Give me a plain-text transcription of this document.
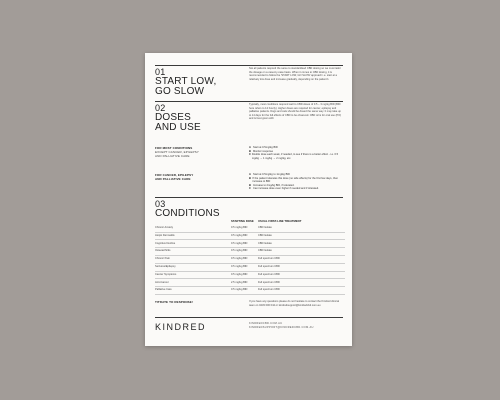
01
START LOW,
GO SLOW
Not all patients respond the same to standardised CBD dosing so we must tailor the dosage on a case-by-case basis. When it comes to CBD dosing, it is recommended to follow the 'START LOW, GO SLOW' approach i.e. start at a relatively low dose and increase gradually, depending on the patient's
02
DOSES
AND USE
Typically, most conditions respond well to CBD doses of 0.5 – 3 mg/kg BID (BID here refers to 12 hourly). Higher doses are required for cancer, epilepsy and palliative patients. Dogs and cats should be dosed the same way. It may take up to 14 days for the full effects of CBD to be observed. CBD oil is for oral use (PO) and is best given with
FOR MOST CONDITIONS
EXCEPT CANCER, EPILEPSY
AND PALLIATIVE CARE
A Start at 0.5mg/kg BID
B Monitor response
C Double dose each week, if needed, to see if there is a better effect - i.e. 0.5 mg/kg → 1 mg/kg → 2 mg/kg, etc.
FOR CANCER, EPILEPSY
AND PALLIATIVE CARE
A Start at 0.5mg/kg to 1mg/kg BID
B If the patient tolerates this dose (no side effects) for the first few days, then increase to BID
B Increase to 2mg/kg BID, if tolerated.
C Can increase dose even higher if needed and if tolerated.
03
CONDITIONS
STARTING DOSE USUAL FIRST-LINE TREATMENT
TITRATE TO RESPONSE!	If you have any questions please do not hesitate to contact the Kindred clinical team on 0433 000 044 or kindredsupport@kindredcbd.com.au
KINDRED	KINDREDCBD.COM.AU
KINDREDSUPPORT@KINDREDCBD.COM.AU
Chronic Anxiety	0.5 mg/kg BID	CBD Isolate
Atopic Dermatitis	0.5 mg/kg BID	CBD Isolate
Cognitive Decline	0.5 mg/kg BID	CBD Isolate
Osteoarthritis	0.5 mg/kg BID	CBD Isolate
Chronic Pain	0.5 mg/kg BID	Full spectrum CBD
Seizures/Epilepsy	0.5 mg/kg BID	Full spectrum CBD
Cancer Symptoms	0.5 mg/kg BID	Full spectrum CBD
Anti-Cancer	2.5 mg/kg BID	Full spectrum CBD
Palliative Care	0.5 mg/kg BID	Full spectrum CBD
